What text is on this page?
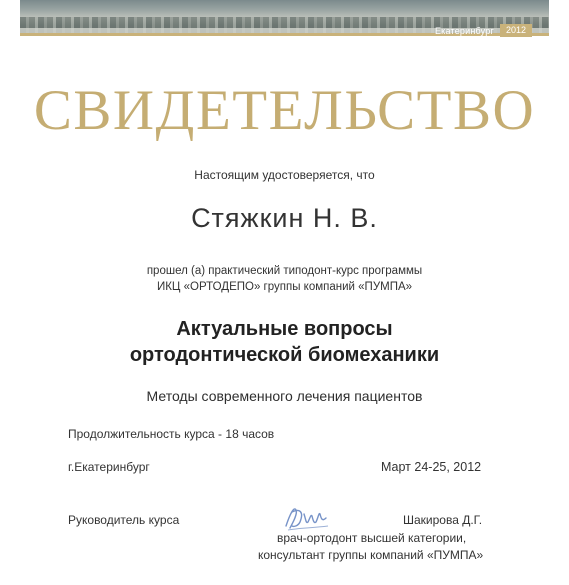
Екатеринбург	2012
СВИДЕТЕЛЬСТВО
Настоящим удостоверяется, что
Стяжкин Н. В.
прошел (а) практический типодонт-курс программы
ИКЦ «ОРТОДЕПО» группы компаний «ПУМПА»
Актуальные вопросы
ортодонтической биомеханики
Методы современного лечения пациентов
Продолжительность курса - 18 часов
г.Екатеринбург	Март 24-25, 2012
Руководитель курса	Шакирова Д.Г.
врач-ортодонт высшей категории,
консультант группы компаний «ПУМПА»
